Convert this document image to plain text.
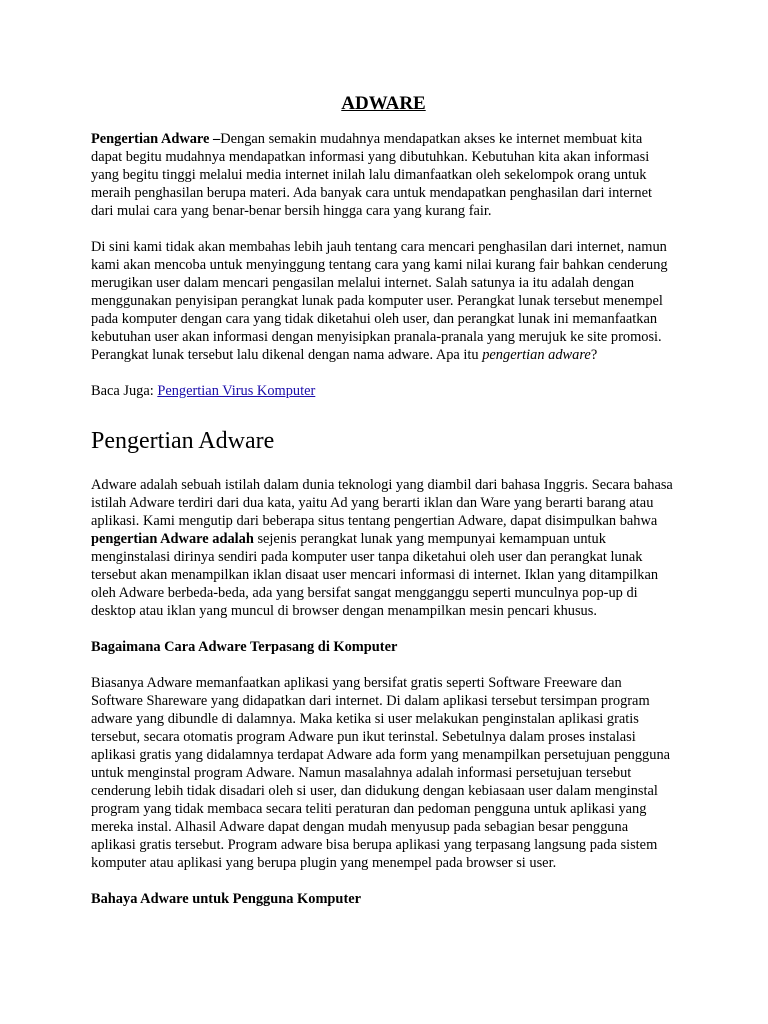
ADWARE

Pengertian Adware –Dengan semakin mudahnya mendapatkan akses ke internet membuat kita dapat begitu mudahnya mendapatkan informasi yang dibutuhkan. Kebutuhan kita akan informasi yang begitu tinggi melalui media internet inilah lalu dimanfaatkan oleh sekelompok orang untuk meraih penghasilan berupa materi. Ada banyak cara untuk mendapatkan penghasilan dari internet dari mulai cara yang benar-benar bersih hingga cara yang kurang fair.

Di sini kami tidak akan membahas lebih jauh tentang cara mencari penghasilan dari internet, namun kami akan mencoba untuk menyinggung tentang cara yang kami nilai kurang fair bahkan cenderung merugikan user dalam mencari pengasilan melalui internet. Salah satunya ia itu adalah dengan menggunakan penyisipan perangkat lunak pada komputer user. Perangkat lunak tersebut menempel pada komputer dengan cara yang tidak diketahui oleh user, dan perangkat lunak ini memanfaatkan kebutuhan user akan informasi dengan menyisipkan pranala-pranala yang merujuk ke site promosi. Perangkat lunak tersebut lalu dikenal dengan nama adware. Apa itu pengertian adware?

Baca Juga: Pengertian Virus Komputer

Pengertian Adware

Adware adalah sebuah istilah dalam dunia teknologi yang diambil dari bahasa Inggris. Secara bahasa istilah Adware terdiri dari dua kata, yaitu Ad yang berarti iklan dan Ware yang berarti barang atau aplikasi. Kami mengutip dari beberapa situs tentang pengertian Adware, dapat disimpulkan bahwa pengertian Adware adalah sejenis perangkat lunak yang mempunyai kemampuan untuk menginstalasi dirinya sendiri pada komputer user tanpa diketahui oleh user dan perangkat lunak tersebut akan menampilkan iklan disaat user mencari informasi di internet. Iklan yang ditampilkan oleh Adware berbeda-beda, ada yang bersifat sangat mengganggu seperti munculnya pop-up di desktop atau iklan yang muncul di browser dengan menampilkan mesin pencari khusus.

Bagaimana Cara Adware Terpasang di Komputer

Biasanya Adware memanfaatkan aplikasi yang bersifat gratis seperti Software Freeware dan Software Shareware yang didapatkan dari internet. Di dalam aplikasi tersebut tersimpan program adware yang dibundle di dalamnya. Maka ketika si user melakukan penginstalan aplikasi gratis tersebut, secara otomatis program Adware pun ikut terinstal. Sebetulnya dalam proses instalasi aplikasi gratis yang didalamnya terdapat Adware ada form yang menampilkan persetujuan pengguna untuk menginstal program Adware. Namun masalahnya adalah informasi persetujuan tersebut cenderung lebih tidak disadari oleh si user, dan didukung dengan kebiasaan user dalam menginstal program yang tidak membaca secara teliti peraturan dan pedoman pengguna untuk aplikasi yang mereka instal. Alhasil Adware dapat dengan mudah menyusup pada sebagian besar pengguna aplikasi gratis tersebut. Program adware bisa berupa aplikasi yang terpasang langsung pada sistem komputer atau aplikasi yang berupa plugin yang menempel pada browser si user.

Bahaya Adware untuk Pengguna Komputer
